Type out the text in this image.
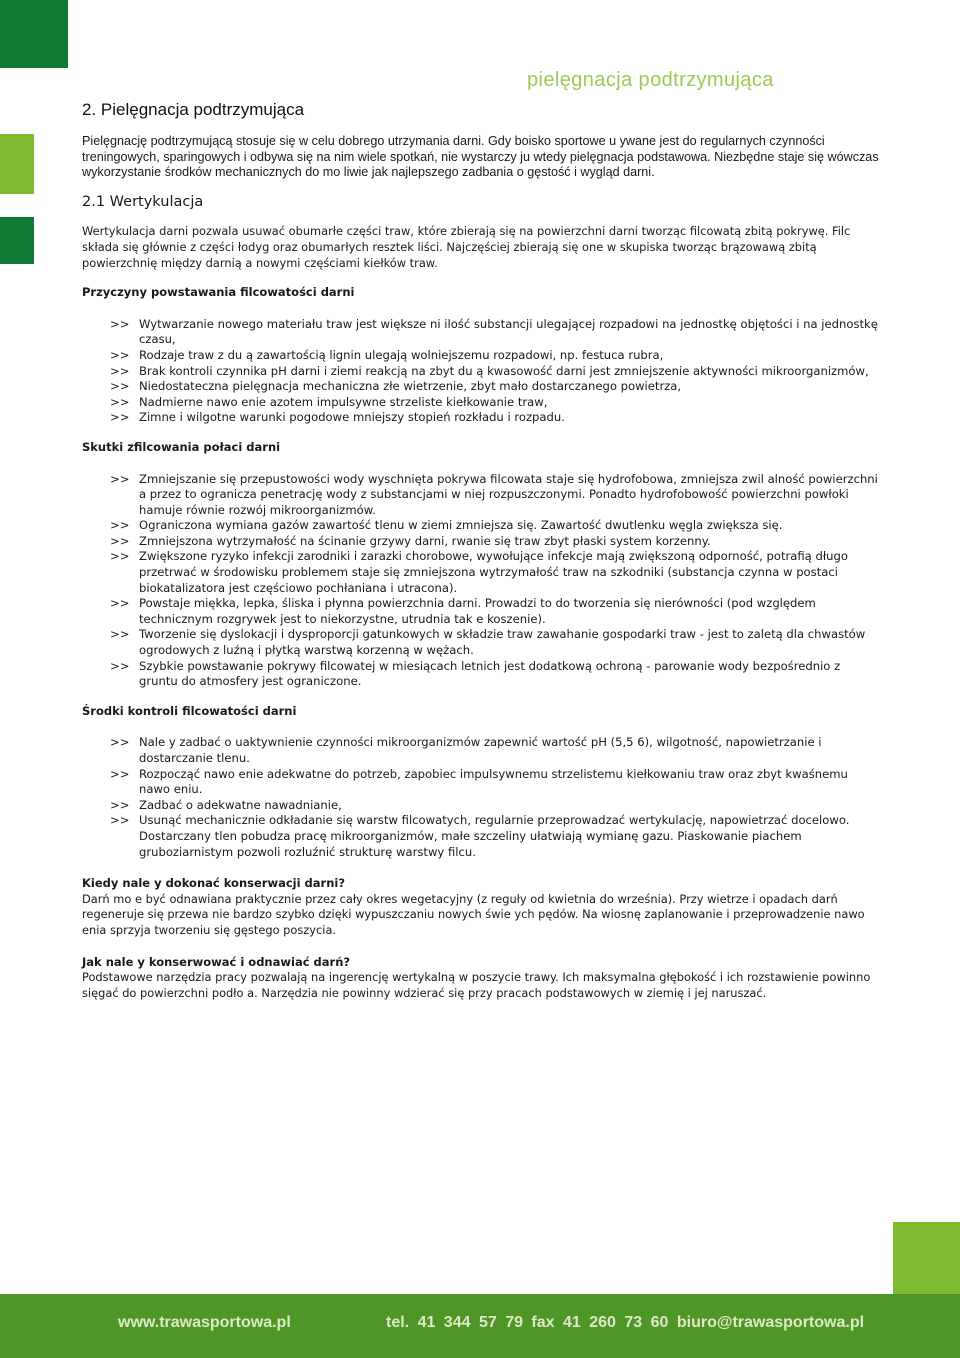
pielęgnacja podtrzymująca
2. Pielęgnacja podtrzymująca

Pielęgnację podtrzymującą stosuje się w celu dobrego utrzymania darni. Gdy boisko sportowe u ywane jest do regularnych czynności treningowych, sparingowych i odbywa się na nim wiele spotkań, nie wystarczy ju wtedy pielęgnacja podstawowa. Niezbędne staje się wówczas wykorzystanie środków mechanicznych do mo liwie jak najlepszego zadbania o gęstość i wygląd darni.

2.1 Wertykulacja

Wertykulacja darni pozwala usuwać obumarłe części traw, które zbierają się na powierzchni darni tworząc filcowatą zbitą pokrywę. Filc składa się głównie z części łodyg oraz obumarłych resztek liści. Najczęściej zbierają się one w skupiska tworząc brązowawą zbitą powierzchnię między darnią a nowymi częściami kiełków traw.

Przyczyny powstawania filcowatości darni

>> Wytwarzanie nowego materiału traw jest większe ni ilość substancji ulegającej rozpadowi na jednostkę objętości i na jednostkę czasu,
>> Rodzaje traw z du ą zawartością lignin ulegają wolniejszemu rozpadowi, np. festuca rubra,
>> Brak kontroli czynnika pH darni i ziemi reakcją na zbyt du ą kwasowość darni jest zmniejszenie aktywności mikroorganizmów,
>> Niedostateczna pielęgnacja mechaniczna złe wietrzenie, zbyt mało dostarczanego powietrza,
>> Nadmierne nawo enie azotem impulsywne strzeliste kiełkowanie traw,
>> Zimne i wilgotne warunki pogodowe mniejszy stopień rozkładu i rozpadu.

Skutki zfilcowania połaci darni

>> Zmniejszanie się przepustowości wody wyschnięta pokrywa filcowata staje się hydrofobowa, zmniejsza zwil alność powierzchni a przez to ogranicza penetrację wody z substancjami w niej rozpuszczonymi. Ponadto hydrofobowość powierzchni powłoki hamuje równie rozwój mikroorganizmów.
>> Ograniczona wymiana gazów zawartość tlenu w ziemi zmniejsza się. Zawartość dwutlenku węgla zwiększa się.
>> Zmniejszona wytrzymałość na ścinanie grzywy darni, rwanie się traw zbyt płaski system korzenny.
>> Zwiększone ryzyko infekcji zarodniki i zarazki chorobowe, wywołujące infekcje mają zwiększoną odporność, potrafią długo przetrwać w środowisku problemem staje się zmniejszona wytrzymałość traw na szkodniki (substancja czynna w postaci biokatalizatora jest częściowo pochłaniana i utracona).
>> Powstaje miękka, lepka, śliska i płynna powierzchnia darni. Prowadzi to do tworzenia się nierówności (pod względem technicznym rozgrywek jest to niekorzystne, utrudnia tak e koszenie).
>> Tworzenie się dyslokacji i dysproporcji gatunkowych w składzie traw zawahanie gospodarki traw - jest to zaletą dla chwastów ogrodowych z luźną i płytką warstwą korzenną w wężach.
>> Szybkie powstawanie pokrywy filcowatej w miesiącach letnich jest dodatkową ochroną - parowanie wody bezpośrednio z gruntu do atmosfery jest ograniczone.

Środki kontroli filcowatości darni

>> Nale y zadbać o uaktywnienie czynności mikroorganizmów zapewnić wartość pH (5,5 6), wilgotność, napowietrzanie i dostarczanie tlenu.
>> Rozpocząć nawo enie adekwatne do potrzeb, zapobiec impulsywnemu strzelistemu kiełkowaniu traw oraz zbyt kwaśnemu nawo eniu.
>> Zadbać o adekwatne nawadnianie,
>> Usunąć mechanicznie odkładanie się warstw filcowatych, regularnie przeprowadzać wertykulację, napowietrzać docelowo. Dostarczany tlen pobudza pracę mikroorganizmów, małe szczeliny ułatwiają wymianę gazu. Piaskowanie piachem gruboziarnistym pozwoli rozluźnić strukturę warstwy filcu.

Kiedy nale y dokonać konserwacji darni?

Darń mo e być odnawiana praktycznie przez cały okres wegetacyjny (z reguły od kwietnia do września). Przy wietrze i opadach darń regeneruje się przewa nie bardzo szybko dzięki wypuszczaniu nowych świe ych pędów. Na wiosnę zaplanowanie i przeprowadzenie nawo enia sprzyja tworzeniu się gęstego poszycia.

Jak nale y konserwować i odnawiać darń?

Podstawowe narzędzia pracy pozwalają na ingerencję wertykalną w poszycie trawy. Ich maksymalna głębokość i ich rozstawienie powinno sięgać do powierzchni podło a. Narzędzia nie powinny wdzierać się przy pracach podstawowych w ziemię i jej naruszać.

www.trawasportowa.pl	tel. 41 344 57 79 fax 41 260 73 60 biuro@trawasportowa.pl
